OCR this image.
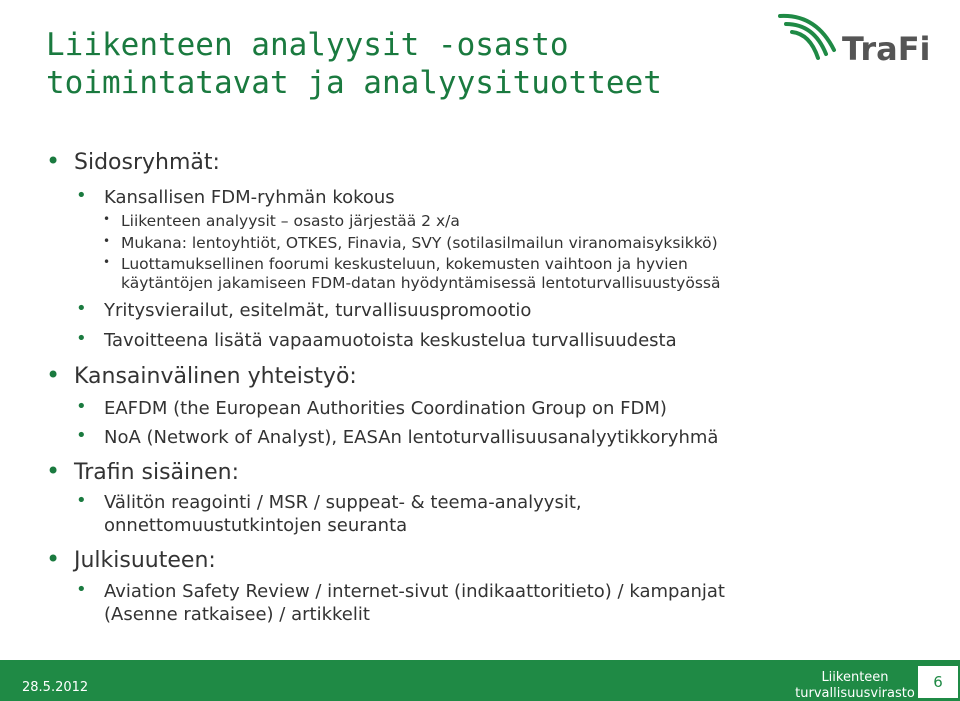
Liikenteen analyysit -osasto
toimintatavat ja analyysituotteet
TraFi
• Sidosryhmät:
• Kansallisen FDM-ryhmän kokous
• Liikenteen analyysit – osasto järjestää 2 x/a
• Mukana: lentoyhtiöt, OTKES, Finavia, SVY (sotilasilmailun viranomaisyksikkö)
• Luottamuksellinen foorumi keskusteluun, kokemusten vaihtoon ja hyvien
käytäntöjen jakamiseen FDM-datan hyödyntämisessä lentoturvallisuustyössä
• Yritysvierailut, esitelmät, turvallisuuspromootio
• Tavoitteena lisätä vapaamuotoista keskustelua turvallisuudesta
• Kansainvälinen yhteistyö:
• EAFDM (the European Authorities Coordination Group on FDM)
• NoA (Network of Analyst), EASAn lentoturvallisuusanalyytikkoryhmä
• Trafin sisäinen:
• Välitön reagointi / MSR / suppeat- & teema-analyysit,
onnettomuustutkintojen seuranta
• Julkisuuteen:
• Aviation Safety Review / internet-sivut (indikaattoritieto) / kampanjat
(Asenne ratkaisee) / artikkelit
28.5.2012
Liikenteen
turvallisuusvirasto
6
